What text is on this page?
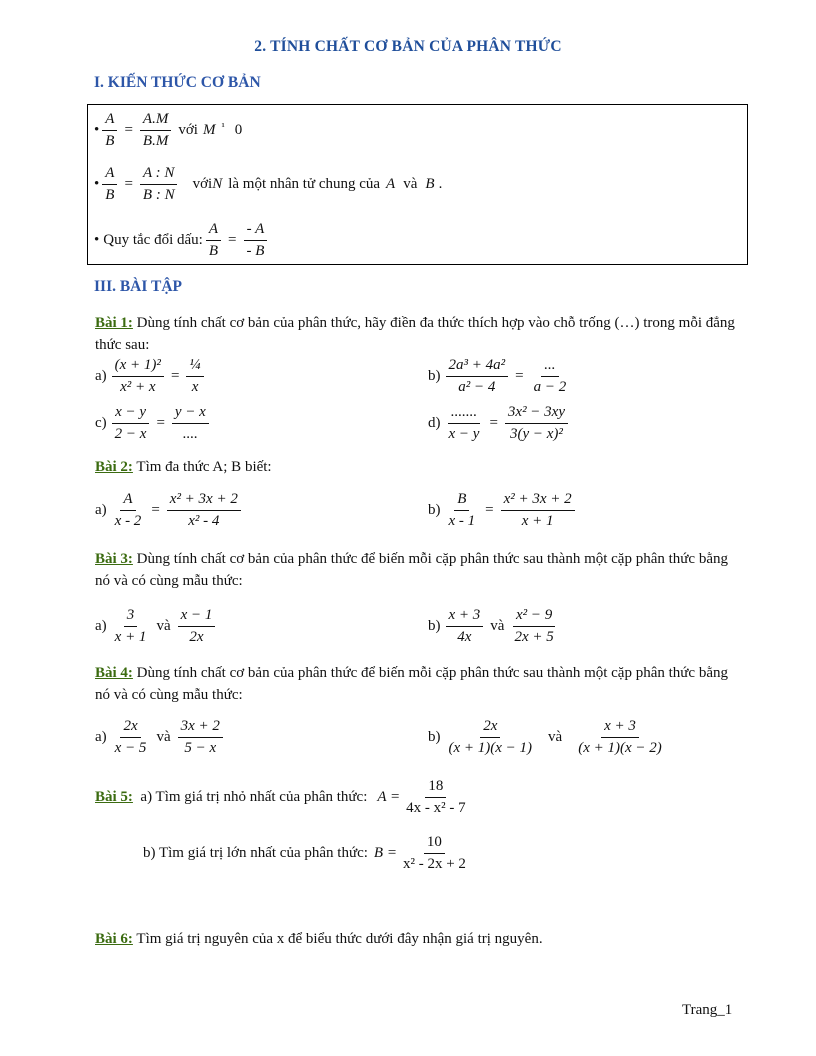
2. TÍNH CHẤT CƠ BẢN CỦA PHÂN THỨC
I. KIẾN THỨC CƠ BẢN
• $\frac{A}{B} = \frac{A.M}{B.M}$ với M ¹ 0
• $\frac{A}{B} = \frac{A : N}{B : N}$ với N là một nhân tử chung của A và B .
• Quy tắc đổi dấu: $\frac{A}{B} = \frac{- A}{- B}$
III. BÀI TẬP
Bài 1: Dùng tính chất cơ bản của phân thức, hãy điền đa thức thích hợp vào chỗ trống (…) trong mỗi đẳng thức sau:
$a) \frac{\text{(x + 1)²}}{\text{x² + x}} = \frac{\text{¼}}{x}$	$b) \frac{\text{2a³ + 4a²}}{\text{a² − 4}} = \frac{...}{a - 2}$
$c) \frac{x - y}{2 - x} = \frac{y - x}{....}$	$d) \frac{.......}{x - y} = \frac{\text{3x² − 3xy}}{\text{3(y − x)²}}$
Bài 2: Tìm đa thức A; B biết:
$a) \frac{A}{x - 2} = \frac{\text{x² + 3x + 2}}{\text{x² - 4}}$	$b) \frac{B}{x - 1} = \frac{\text{x² + 3x + 2}}{x + 1}$
Bài 3: Dùng tính chất cơ bản của phân thức để biến mỗi cặp phân thức sau thành một cặp phân thức bằng nó và có cùng mẫu thức:
$a) \frac{3}{x + 1}$ và $\frac{x - 1}{2x}$	$b) \frac{x + 3}{4x}$ và $\frac{\text{x² − 9}}{2x + 5}$
Bài 4: Dùng tính chất cơ bản của phân thức để biến mỗi cặp phân thức sau thành một cặp phân thức bằng nó và có cùng mẫu thức:
$a) \frac{2x}{x - 5}$ và $\frac{3x + 2}{5 - x}$	$b) \frac{2x}{(x + 1)(x - 1)}$ và $\frac{x + 3}{(x + 1)(x - 2)}$
Bài 5: a) Tìm giá trị nhỏ nhất của phân thức: $A = \frac{18}{\text{4x - x² - 7}}$
b) Tìm giá trị lớn nhất của phân thức: $B = \frac{10}{\text{x² - 2x + 2}}$
Bài 6: Tìm giá trị nguyên của x để biểu thức dưới đây nhận giá trị nguyên.
Trang_1
